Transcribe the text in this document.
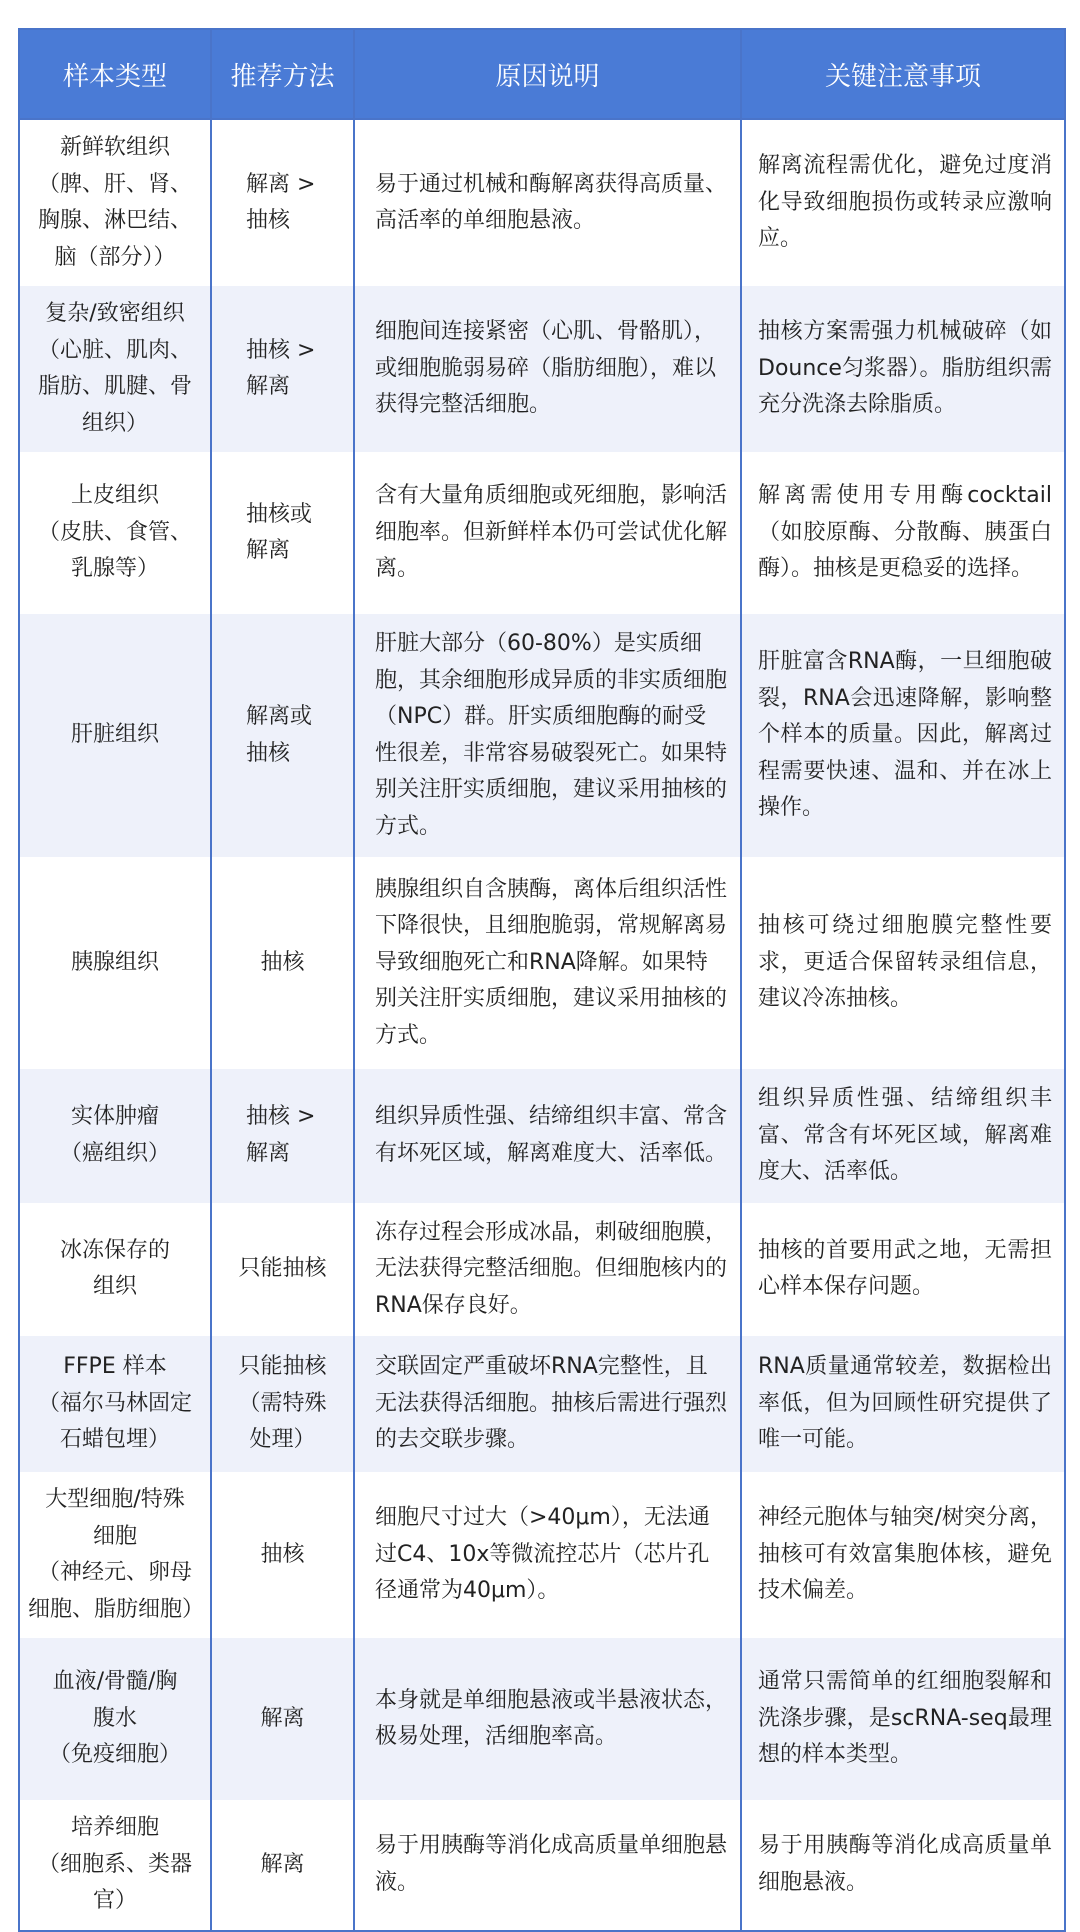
样本类型	推荐方法	原因说明	关键注意事项

新鲜软组织
（脾、肝、肾、
胸腺、淋巴结、
脑（部分））	解离 >
抽核	易于通过机械和酶解离获得高质量、高活率的单细胞悬液。	解离流程需优化，避免过度消化导致细胞损伤或转录应激响应。

复杂/致密组织
（心脏、肌肉、
脂肪、肌腱、骨
组织）	抽核 >
解离	细胞间连接紧密（心肌、骨骼肌），或细胞脆弱易碎（脂肪细胞），难以获得完整活细胞。	抽核方案需强力机械破碎（如Dounce匀浆器）。脂肪组织需充分洗涤去除脂质。

上皮组织
（皮肤、食管、
乳腺等）	抽核或
解离	含有大量角质细胞或死细胞，影响活细胞率。但新鲜样本仍可尝试优化解离。	解离需使用专用酶cocktail（如胶原酶、分散酶、胰蛋白酶）。抽核是更稳妥的选择。

肝脏组织	解离或
抽核	肝脏大部分（60-80%）是实质细胞，其余细胞形成异质的非实质细胞（NPC）群。肝实质细胞酶的耐受性很差，非常容易破裂死亡。如果特别关注肝实质细胞，建议采用抽核的方式。	肝脏富含RNA酶，一旦细胞破裂，RNA会迅速降解，影响整个样本的质量。因此，解离过程需要快速、温和、并在冰上操作。

胰腺组织	抽核	胰腺组织自含胰酶，离体后组织活性下降很快，且细胞脆弱，常规解离易导致细胞死亡和RNA降解。如果特别关注肝实质细胞，建议采用抽核的方式。	抽核可绕过细胞膜完整性要求，更适合保留转录组信息，建议冷冻抽核。

实体肿瘤
（癌组织）	抽核 >
解离	组织异质性强、结缔组织丰富、常含有坏死区域，解离难度大、活率低。	组织异质性强、结缔组织丰富、常含有坏死区域，解离难度大、活率低。

冰冻保存的
组织	只能抽核	冻存过程会形成冰晶，刺破细胞膜，无法获得完整活细胞。但细胞核内的RNA保存良好。	抽核的首要用武之地，无需担心样本保存问题。

FFPE 样本
（福尔马林固定
石蜡包埋）	只能抽核
（需特殊
处理）	交联固定严重破坏RNA完整性，且无法获得活细胞。抽核后需进行强烈的去交联步骤。	RNA质量通常较差，数据检出率低，但为回顾性研究提供了唯一可能。

大型细胞/特殊
细胞
（神经元、卵母
细胞、脂肪细胞）	抽核	细胞尺寸过大（>40μm），无法通过C4、10x等微流控芯片（芯片孔径通常为40μm）。	神经元胞体与轴突/树突分离，抽核可有效富集胞体核，避免技术偏差。

血液/骨髓/胸
腹水
（免疫细胞）	解离	本身就是单细胞悬液或半悬液状态，极易处理，活细胞率高。	通常只需简单的红细胞裂解和洗涤步骤，是scRNA-seq最理想的样本类型。

培养细胞
（细胞系、类器官）	解离	易于用胰酶等消化成高质量单细胞悬液。	易于用胰酶等消化成高质量单细胞悬液。
